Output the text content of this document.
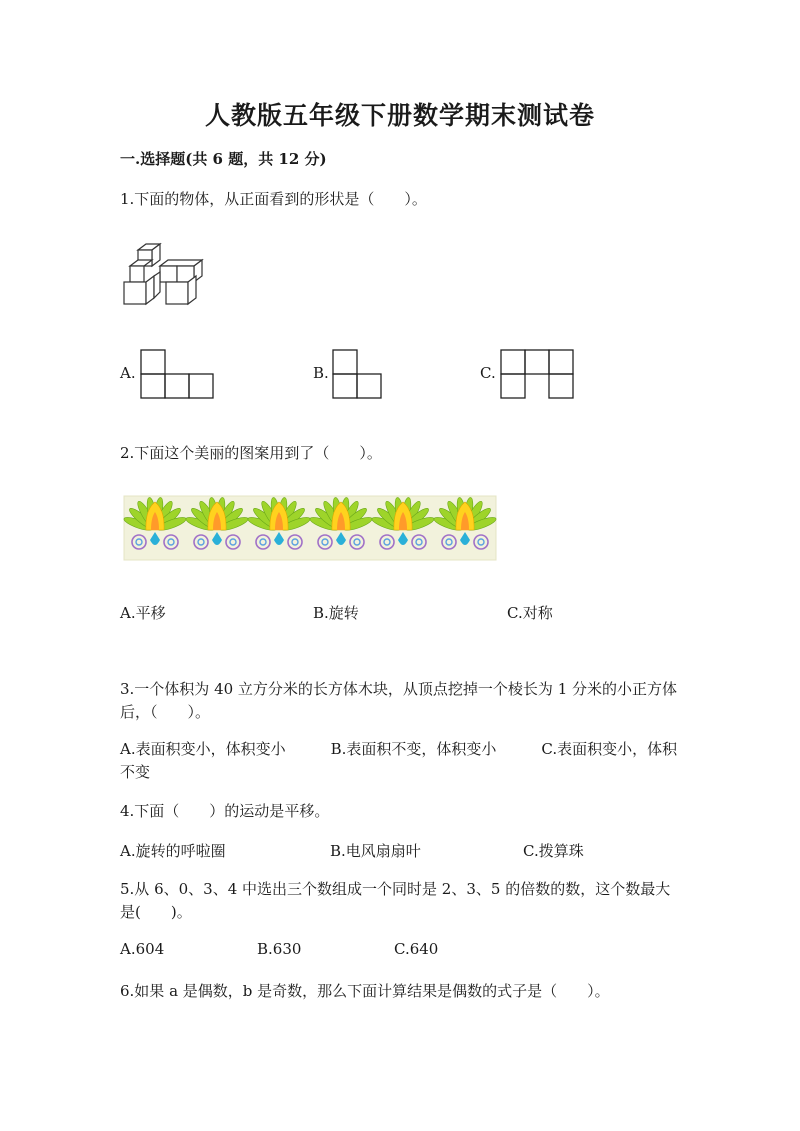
人教版五年级下册数学期末测试卷
一.选择题(共 6 题，共 12 分)
1.下面的物体，从正面看到的形状是（　　）。
A.	B.	C.
2.下面这个美丽的图案用到了（　　）。
A.平移	B.旋转	C.对称
3.一个体积为 40 立方分米的长方体木块，从顶点挖掉一个棱长为 1 分米的小正方体后，（　　）。
A.表面积变小，体积变小　　　B.表面积不变，体积变小　　　C.表面积变小，体积不变
4.下面（　　）的运动是平移。
A.旋转的呼啦圈	B.电风扇扇叶	C.拨算珠
5.从 6、0、3、4 中选出三个数组成一个同时是 2、3、5 的倍数的数，这个数最大是(　　)。
A.604	B.630	C.640
6.如果 a 是偶数，b 是奇数，那么下面计算结果是偶数的式子是（　　）。
